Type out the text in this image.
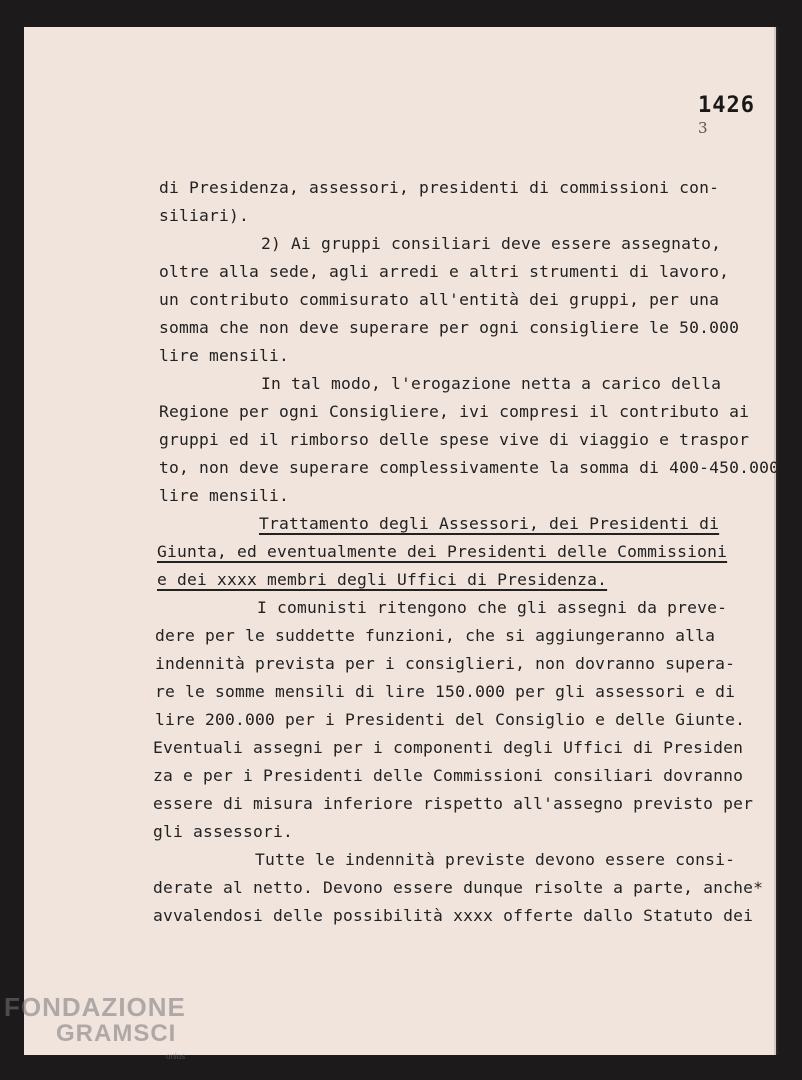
1426

3

di Presidenza, assessori, presidenti di commissioni con-

siliari).

2) Ai gruppi consiliari deve essere assegnato,

oltre alla sede, agli arredi e altri strumenti di lavoro,

un contributo commisurato all'entità dei gruppi, per una

somma che non deve superare per ogni consigliere le 50.000

lire mensili.

In tal modo, l'erogazione netta a carico della

Regione per ogni Consigliere, ivi compresi il contributo ai

gruppi ed il rimborso delle spese vive di viaggio e traspor

to, non deve superare complessivamente la somma di 400-450.000

lire mensili.

Trattamento degli Assessori, dei Presidenti di

Giunta, ed eventualmente dei Presidenti delle Commissioni

e dei xxxx membri degli Uffici di Presidenza.

I comunisti ritengono che gli assegni da preve-

dere per le suddette funzioni, che si aggiungeranno alla

indennità prevista per i consiglieri, non dovranno supera-

re le somme mensili di lire 150.000 per gli assessori e di

lire 200.000 per i Presidenti del Consiglio e delle Giunte.

Eventuali assegni per i componenti degli Uffici di Presiden

za e per i Presidenti delle Commissioni consiliari dovranno

essere di misura inferiore rispetto all'assegno previsto per

gli assessori.

Tutte le indennità previste devono essere consi-

derate al netto. Devono essere dunque risolte a parte, anche*

avvalendosi delle possibilità xxxx offerte dallo Statuto dei

FONDAZIONE
GRAMSCI
onlus
